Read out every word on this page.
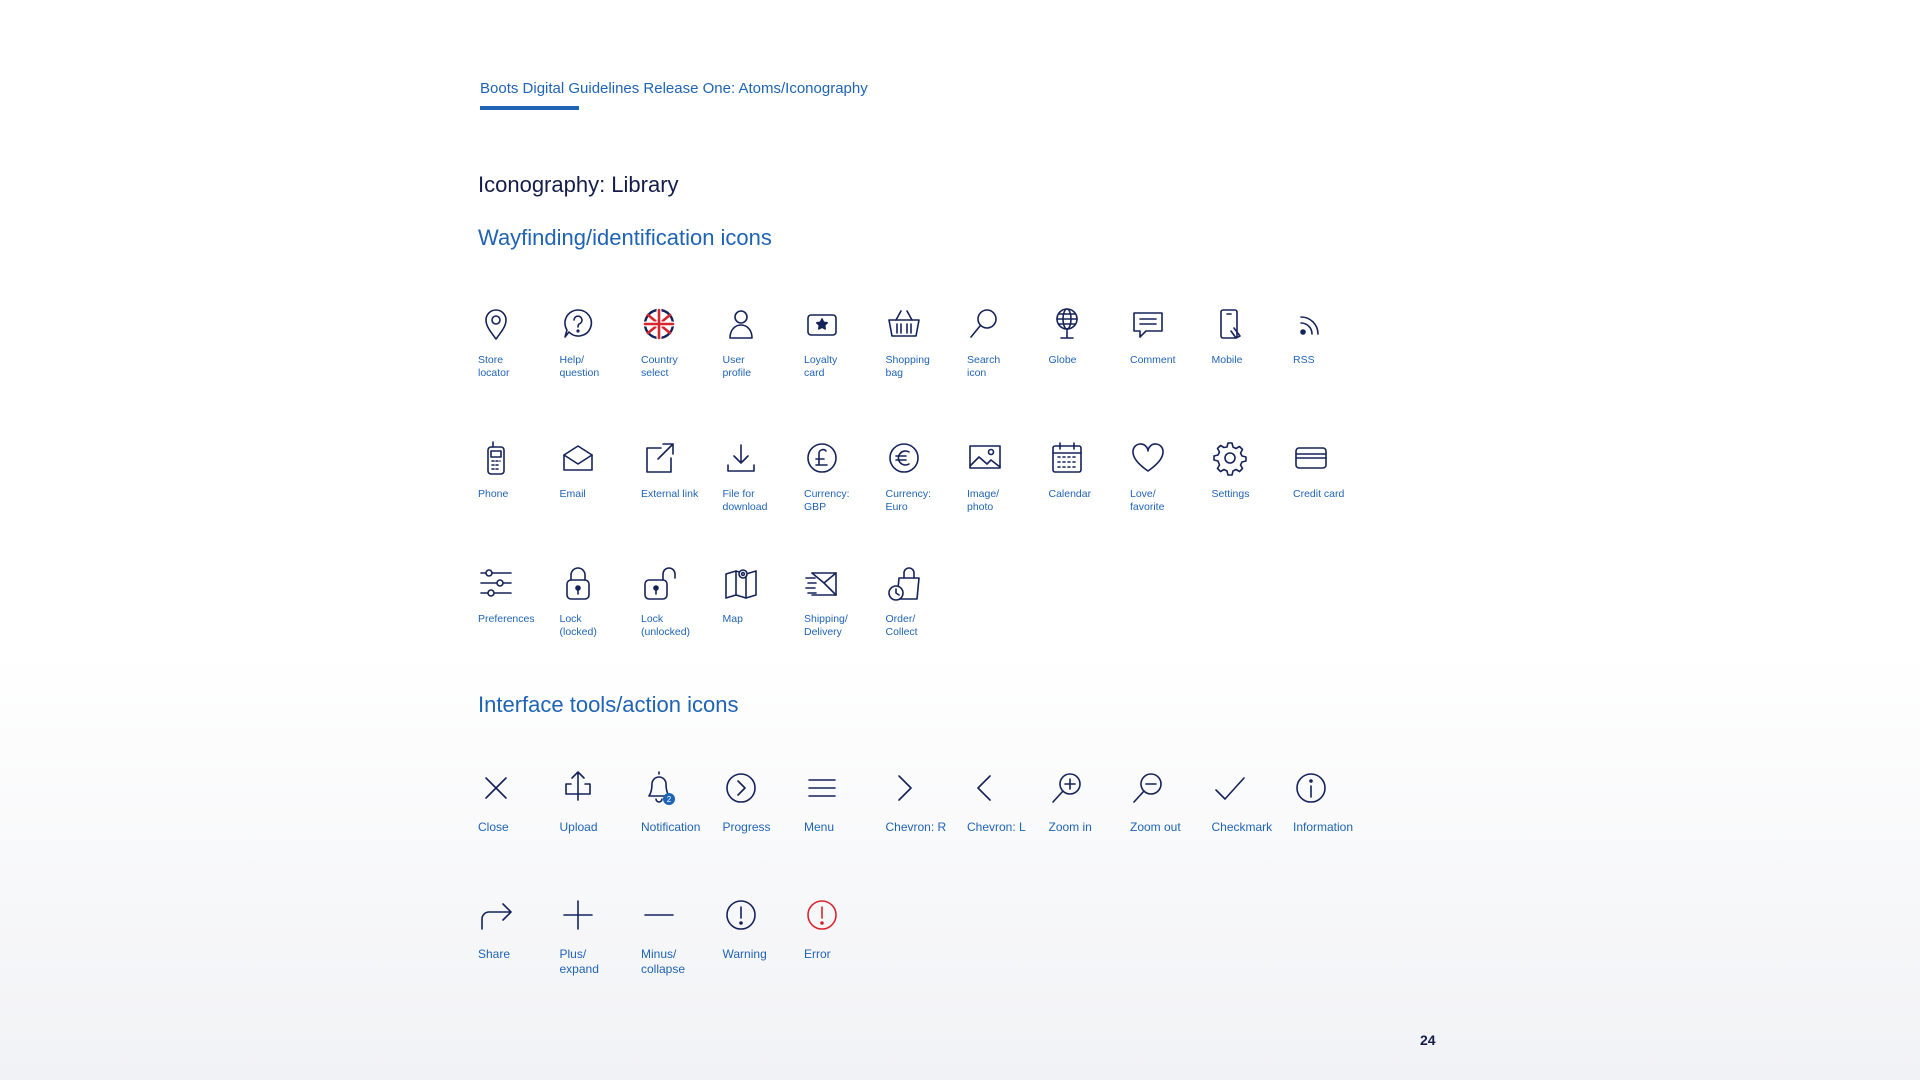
Boots Digital Guidelines Release One: Atoms/Iconography
Iconography: Library
Wayfinding/identification icons
Store
locator
Help/
question
Country
select
User
profile
Loyalty
card
Shopping
bag
Search
icon
Globe	Comment	Mobile	RSS
Phone	Email	External link	File for
download
Currency:
GBP
Currency:
Euro
Image/
photo
Calendar	Love/
favorite
Settings	Credit card
Preferences	Lock
(locked)
Lock
(unlocked)
Map	Shipping/
Delivery
Order/
Collect
Interface tools/action icons
Close	Upload
2
Notification	Progress	Menu	Chevron: R	Chevron: L	Zoom in	Zoom out	Checkmark	Information
Share	Plus/
expand
Minus/
collapse
Warning	Error
24
